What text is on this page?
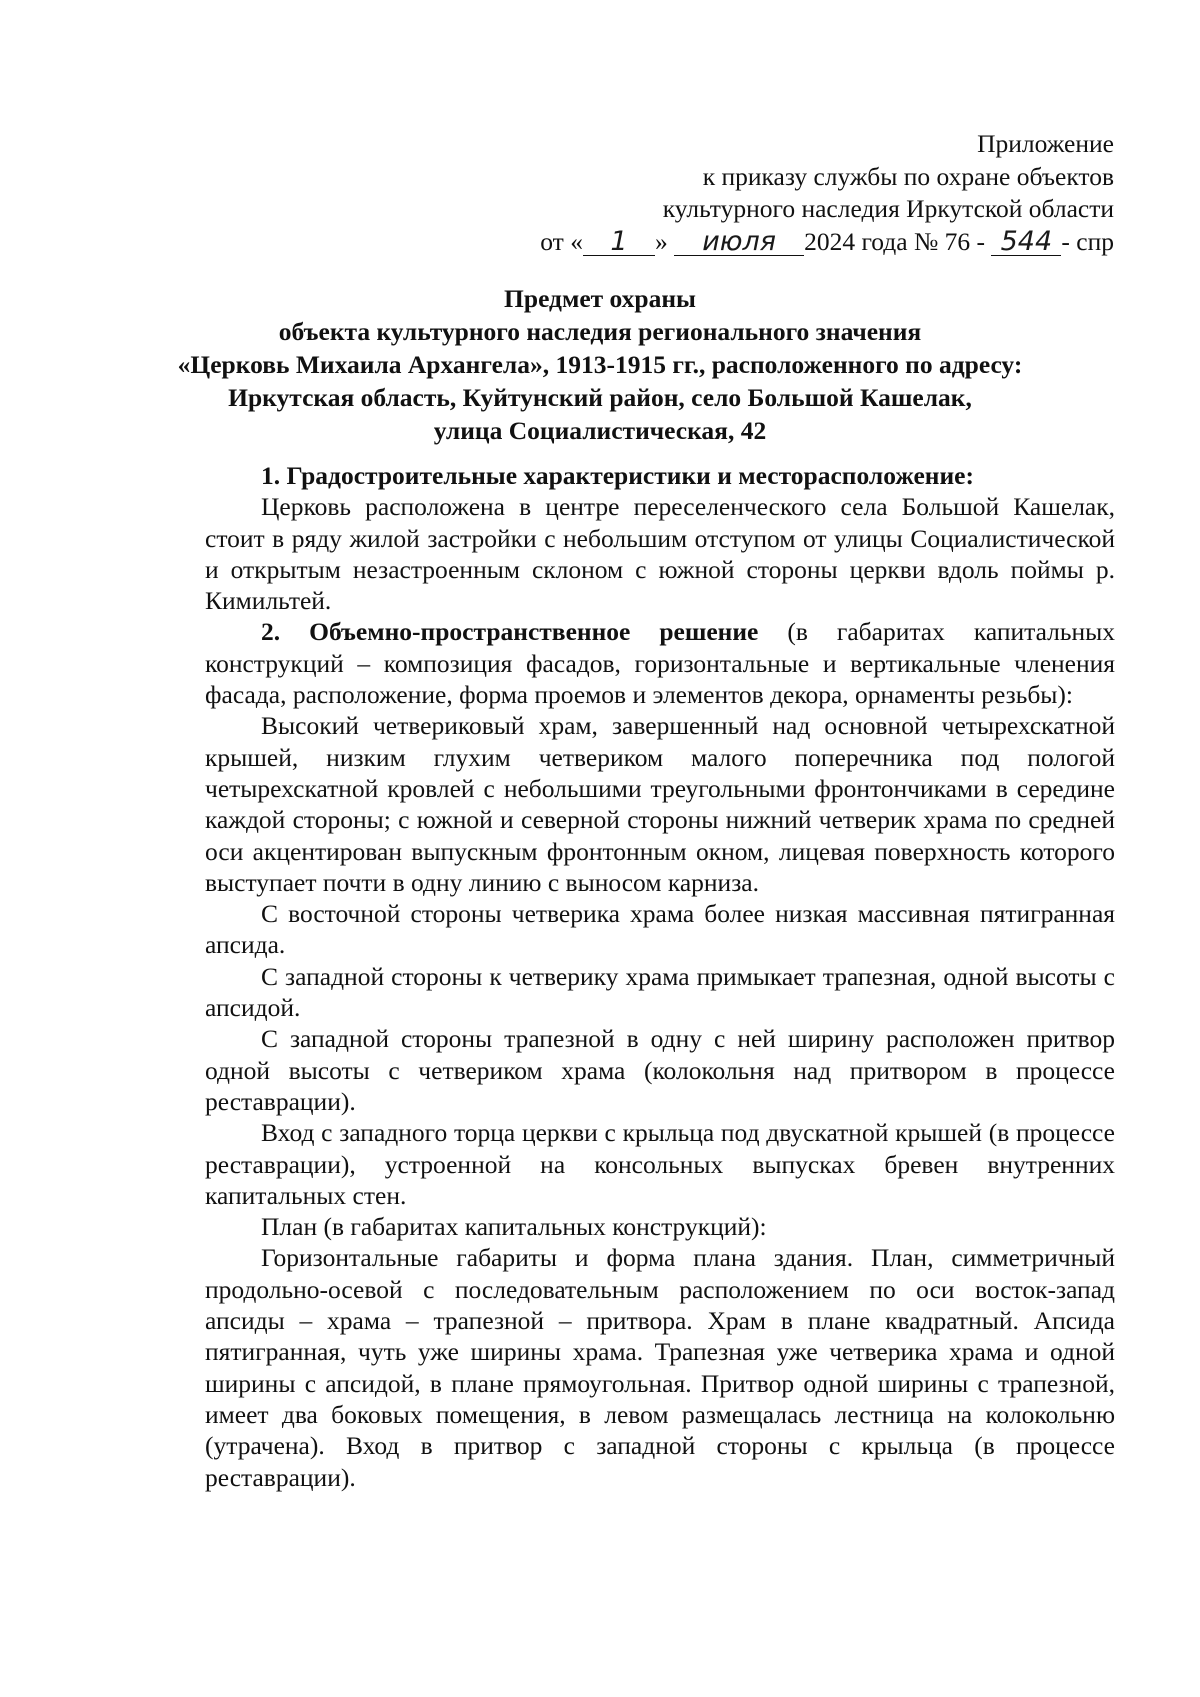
Приложение
к приказу службы по охране объектов
культурного наследия Иркутской области
от « 1 » июля 2024 года № 76 - 544 - спр
Предмет охраны
объекта культурного наследия регионального значения
«Церковь Михаила Архангела», 1913-1915 гг., расположенного по адресу:
Иркутская область, Куйтунский район, село Большой Кашелак,
улица Социалистическая, 42

1. Градостроительные характеристики и месторасположение:

Церковь расположена в центре переселенческого села Большой Кашелак, стоит в ряду жилой застройки с небольшим отступом от улицы Социалистической и открытым незастроенным склоном с южной стороны церкви вдоль поймы р. Кимильтей.

2. Объемно-пространственное решение (в габаритах капитальных конструкций – композиция фасадов, горизонтальные и вертикальные членения фасада, расположение, форма проемов и элементов декора, орнаменты резьбы):

Высокий четвериковый храм, завершенный над основной четырехскатной крышей, низким глухим четвериком малого поперечника под пологой четырехскатной кровлей с небольшими треугольными фронтончиками в середине каждой стороны; с южной и северной стороны нижний четверик храма по средней оси акцентирован выпускным фронтонным окном, лицевая поверхность которого выступает почти в одну линию с выносом карниза.

С восточной стороны четверика храма более низкая массивная пятигранная апсида.

С западной стороны к четверику храма примыкает трапезная, одной высоты с апсидой.

С западной стороны трапезной в одну с ней ширину расположен притвор одной высоты с четвериком храма (колокольня над притвором в процессе реставрации).

Вход с западного торца церкви с крыльца под двускатной крышей (в процессе реставрации), устроенной на консольных выпусках бревен внутренних капитальных стен.

План (в габаритах капитальных конструкций):

Горизонтальные габариты и форма плана здания. План, симметричный продольно-осевой с последовательным расположением по оси восток-запад апсиды – храма – трапезной – притвора. Храм в плане квадратный. Апсида пятигранная, чуть уже ширины храма. Трапезная уже четверика храма и одной ширины с апсидой, в плане прямоугольная. Притвор одной ширины с трапезной, имеет два боковых помещения, в левом размещалась лестница на колокольню (утрачена). Вход в притвор с западной стороны с крыльца (в процессе реставрации).
